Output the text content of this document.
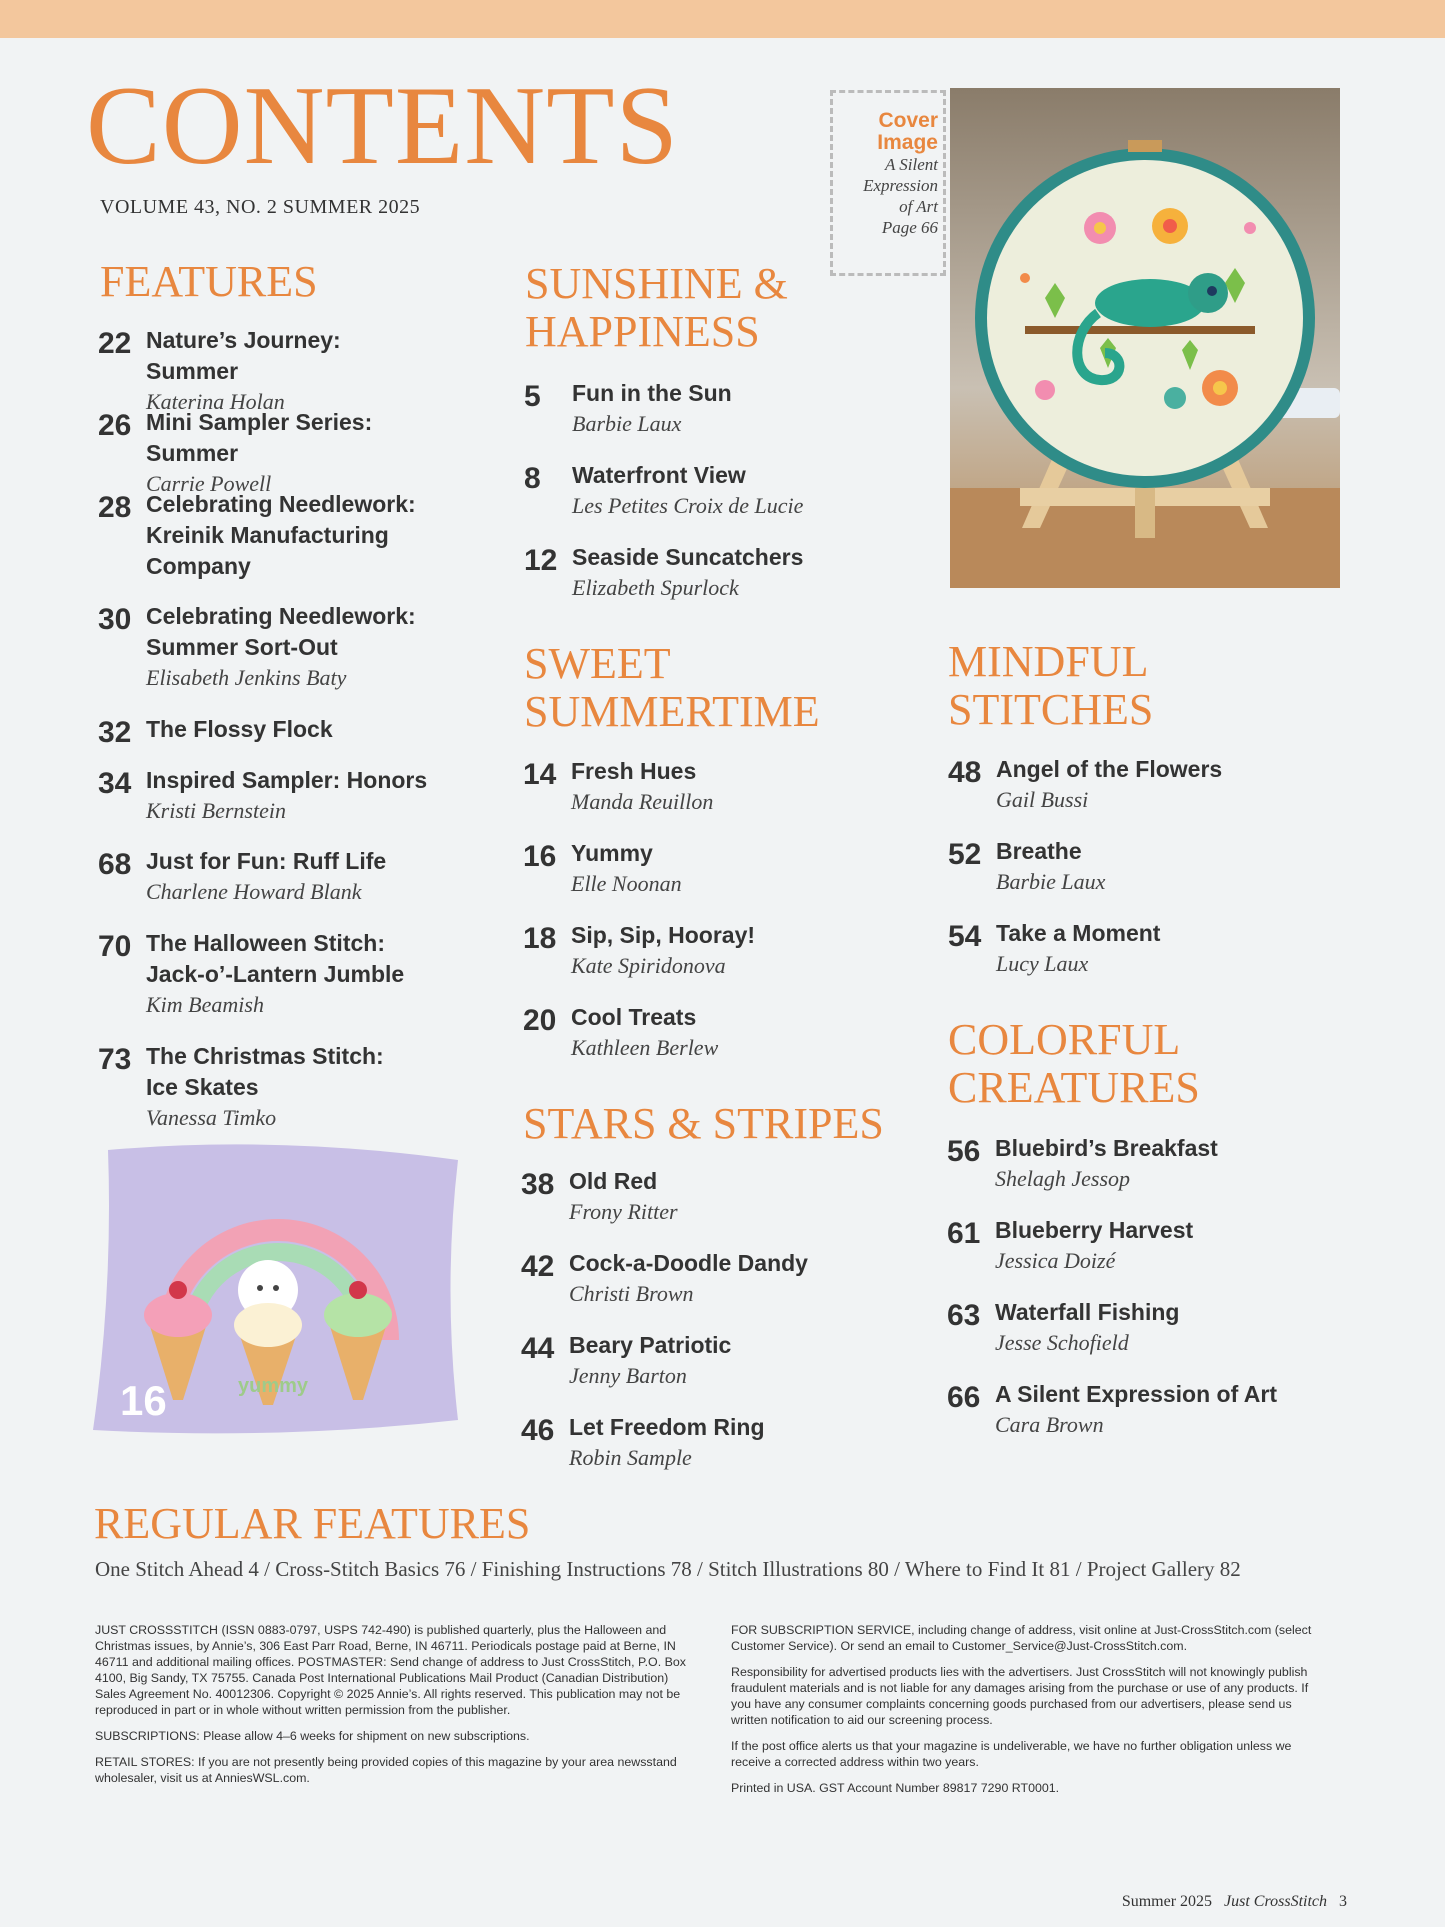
CONTENTS
VOLUME 43, NO. 2 SUMMER 2025
Cover Image
A Silent
Expression
of Art
Page 66
FEATURES
22 Nature’s Journey: Summer
Katerina Holan
26 Mini Sampler Series: Summer
Carrie Powell
28 Celebrating Needlework: Kreinik Manufacturing Company
30 Celebrating Needlework: Summer Sort-Out
Elisabeth Jenkins Baty
32 The Flossy Flock
34 Inspired Sampler: Honors
Kristi Bernstein
68 Just for Fun: Ruff Life
Charlene Howard Blank
70 The Halloween Stitch: Jack-o’-Lantern Jumble
Kim Beamish
73 The Christmas Stitch: Ice Skates
Vanessa Timko
yummy
16
SUNSHINE &
HAPPINESS
5 Fun in the Sun
Barbie Laux
8 Waterfront View
Les Petites Croix de Lucie
12 Seaside Suncatchers
Elizabeth Spurlock
SWEET
SUMMERTIME
14 Fresh Hues
Manda Reuillon
16 Yummy
Elle Noonan
18 Sip, Sip, Hooray!
Kate Spiridonova
20 Cool Treats
Kathleen Berlew
STARS & STRIPES
38 Old Red
Frony Ritter
42 Cock-a-Doodle Dandy
Christi Brown
44 Beary Patriotic
Jenny Barton
46 Let Freedom Ring
Robin Sample
MINDFUL
STITCHES
48 Angel of the Flowers
Gail Bussi
52 Breathe
Barbie Laux
54 Take a Moment
Lucy Laux
COLORFUL
CREATURES
56 Bluebird’s Breakfast
Shelagh Jessop
61 Blueberry Harvest
Jessica Doizé
63 Waterfall Fishing
Jesse Schofield
66 A Silent Expression of Art
Cara Brown
REGULAR FEATURES
One Stitch Ahead 4 / Cross-Stitch Basics 76 / Finishing Instructions 78 / Stitch Illustrations 80 / Where to Find It 81 / Project Gallery 82

JUST CROSSSTITCH (ISSN 0883-0797, USPS 742-490) is published quarterly, plus the Halloween and Christmas issues, by Annie’s, 306 East Parr Road, Berne, IN 46711. Periodicals postage paid at Berne, IN 46711 and additional mailing offices. POSTMASTER: Send change of address to Just CrossStitch, P.O. Box 4100, Big Sandy, TX 75755. Canada Post International Publications Mail Product (Canadian Distribution) Sales Agreement No. 40012306. Copyright © 2025 Annie’s. All rights reserved. This publication may not be reproduced in part or in whole without written permission from the publisher.

SUBSCRIPTIONS: Please allow 4–6 weeks for shipment on new subscriptions.

RETAIL STORES: If you are not presently being provided copies of this magazine by your area newsstand wholesaler, visit us at AnniesWSL.com.

FOR SUBSCRIPTION SERVICE, including change of address, visit online at Just-CrossStitch.com (select Customer Service). Or send an email to Customer_Service@Just-CrossStitch.com.

Responsibility for advertised products lies with the advertisers. Just CrossStitch will not knowingly publish fraudulent materials and is not liable for any damages arising from the purchase or use of any products. If you have any consumer complaints concerning goods purchased from our advertisers, please send us written notification to aid our screening process.

If the post office alerts us that your magazine is undeliverable, we have no further obligation unless we receive a corrected address within two years.

Printed in USA. GST Account Number 89817 7290 RT0001.

Summer 2025 Just CrossStitch 3
